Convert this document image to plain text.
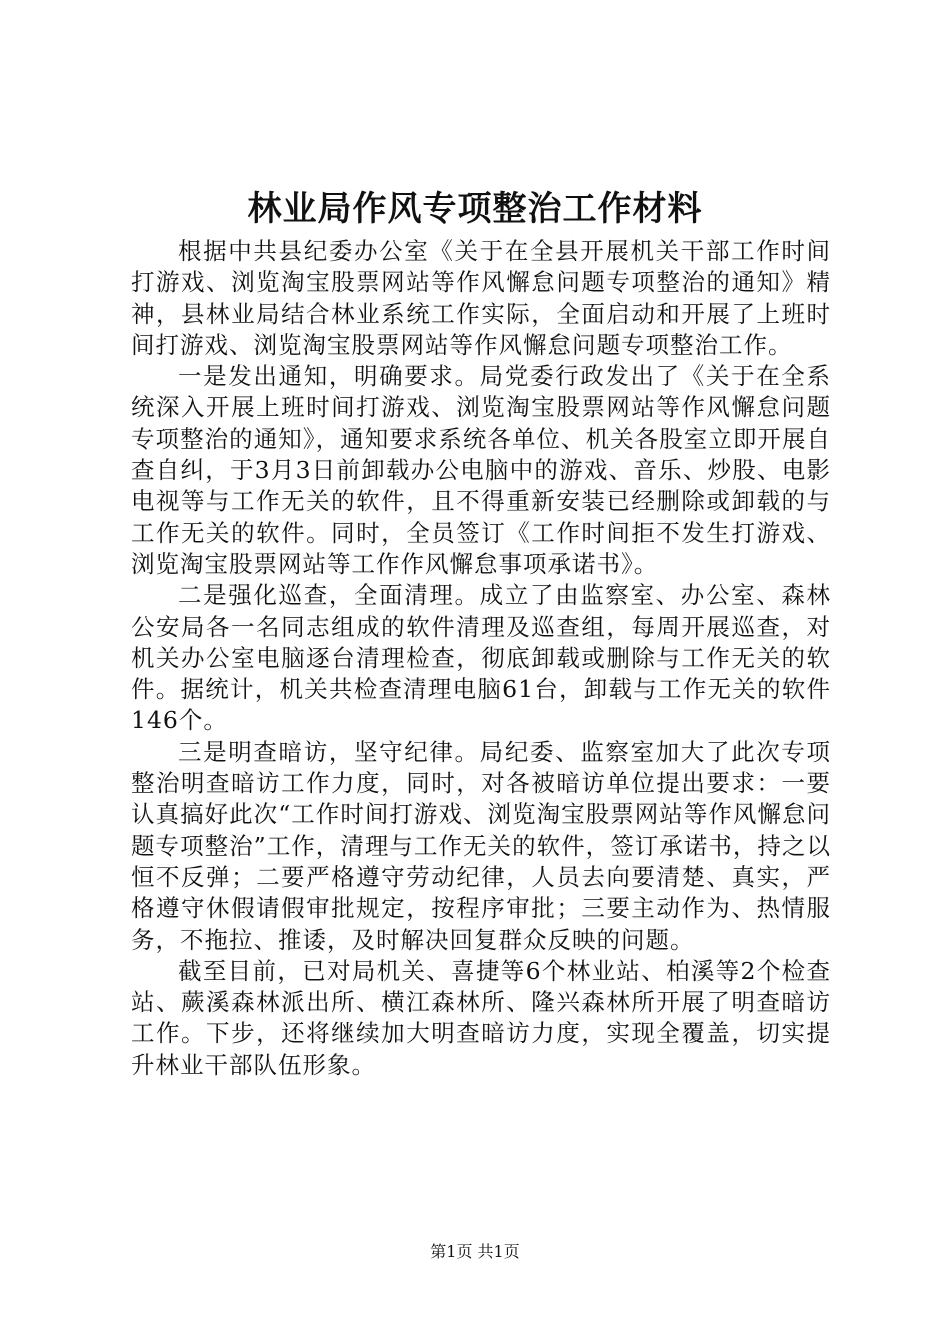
林业局作风专项整治工作材料

根据中共县纪委办公室《关于在全县开展机关干部工作时间打游戏、浏览淘宝股票网站等作风懈怠问题专项整治的通知》精神，县林业局结合林业系统工作实际，全面启动和开展了上班时间打游戏、浏览淘宝股票网站等作风懈怠问题专项整治工作。

一是发出通知，明确要求。局党委行政发出了《关于在全系统深入开展上班时间打游戏、浏览淘宝股票网站等作风懈怠问题专项整治的通知》，通知要求系统各单位、机关各股室立即开展自查自纠，于3月3日前卸载办公电脑中的游戏、音乐、炒股、电影电视等与工作无关的软件，且不得重新安装已经删除或卸载的与工作无关的软件。同时，全员签订《工作时间拒不发生打游戏、浏览淘宝股票网站等工作作风懈怠事项承诺书》。

二是强化巡查，全面清理。成立了由监察室、办公室、森林公安局各一名同志组成的软件清理及巡查组，每周开展巡查，对机关办公室电脑逐台清理检查，彻底卸载或删除与工作无关的软件。据统计，机关共检查清理电脑61台，卸载与工作无关的软件146个。

三是明查暗访，坚守纪律。局纪委、监察室加大了此次专项整治明查暗访工作力度，同时，对各被暗访单位提出要求：一要认真搞好此次“工作时间打游戏、浏览淘宝股票网站等作风懈怠问题专项整治”工作，清理与工作无关的软件，签订承诺书，持之以恒不反弹；二要严格遵守劳动纪律，人员去向要清楚、真实，严格遵守休假请假审批规定，按程序审批；三要主动作为、热情服务，不拖拉、推诿，及时解决回复群众反映的问题。

截至目前，已对局机关、喜捷等6个林业站、柏溪等2个检查站、蕨溪森林派出所、横江森林所、隆兴森林所开展了明查暗访工作。下步，还将继续加大明查暗访力度，实现全覆盖，切实提升林业干部队伍形象。

第1页 共1页
